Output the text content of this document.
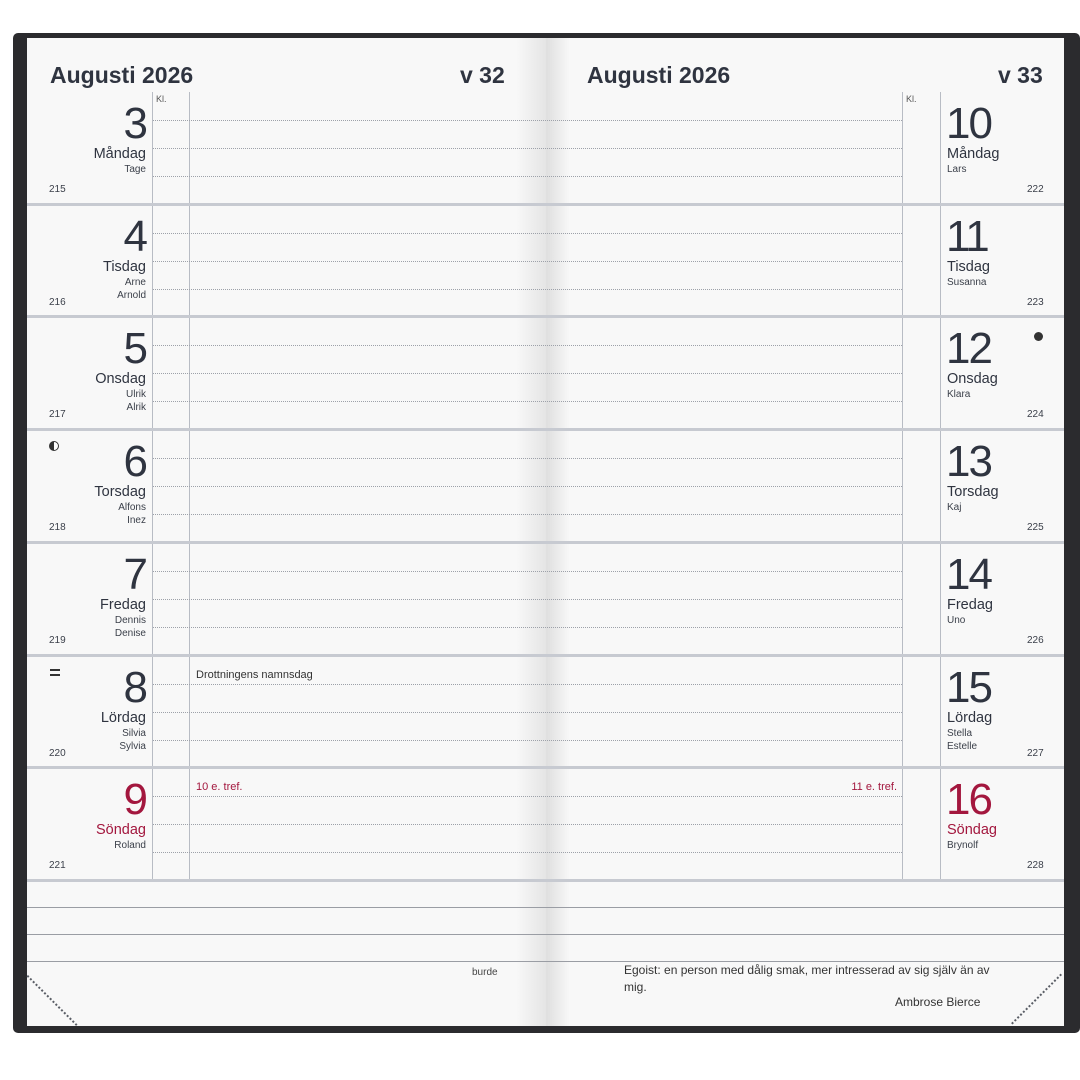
Augusti 2026	v 32	Augusti 2026	v 33
Kl.	Kl.
3
Måndag
Tage
215
10
Måndag
Lars
222
4
Tisdag
Arne
Arnold
216
11
Tisdag
Susanna
223
5
Onsdag
Ulrik
Alrik
217
12
Onsdag
Klara
224
6
Torsdag
Alfons
Inez
218
13
Torsdag
Kaj
225
7
Fredag
Dennis
Denise
219
14
Fredag
Uno
226
8
Lördag
Silvia
Sylvia
220
Drottningens namnsdag	15
Lördag
Stella
Estelle
227
9
Söndag
Roland
221
10 e. tref.	16
Söndag
Brynolf
228
11 e. tref.
burde	Egoist: en person med dålig smak, mer intresserad av sig själv än av mig.
Ambrose Bierce
